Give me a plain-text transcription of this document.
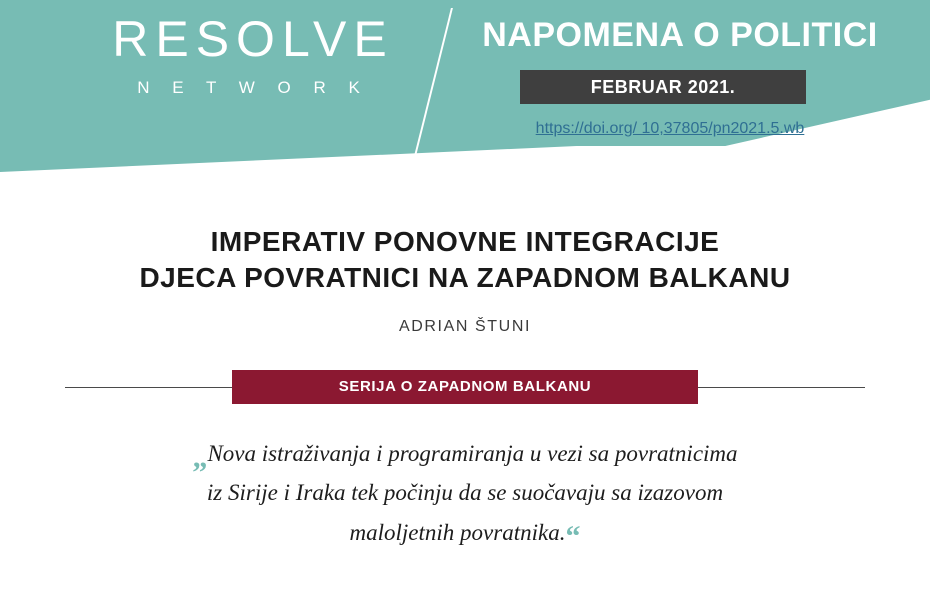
RESOLVE
N E T W O R K
NAPOMENA O POLITICI
FEBRUAR 2021.
https://doi.org/ 10,37805/pn2021.5.wb
IMPERATIV PONOVNE INTEGRACIJE
DJECA POVRATNICI NA ZAPADNOM BALKANU
ADRIAN ŠTUNI
SERIJA O ZAPADNOM BALKANU
„Nova istraživanja i programiranja u vezi sa povratnicima
iz Sirije i Iraka tek počinju da se suočavaju sa izazovom
maloljetnih povratnika.“
